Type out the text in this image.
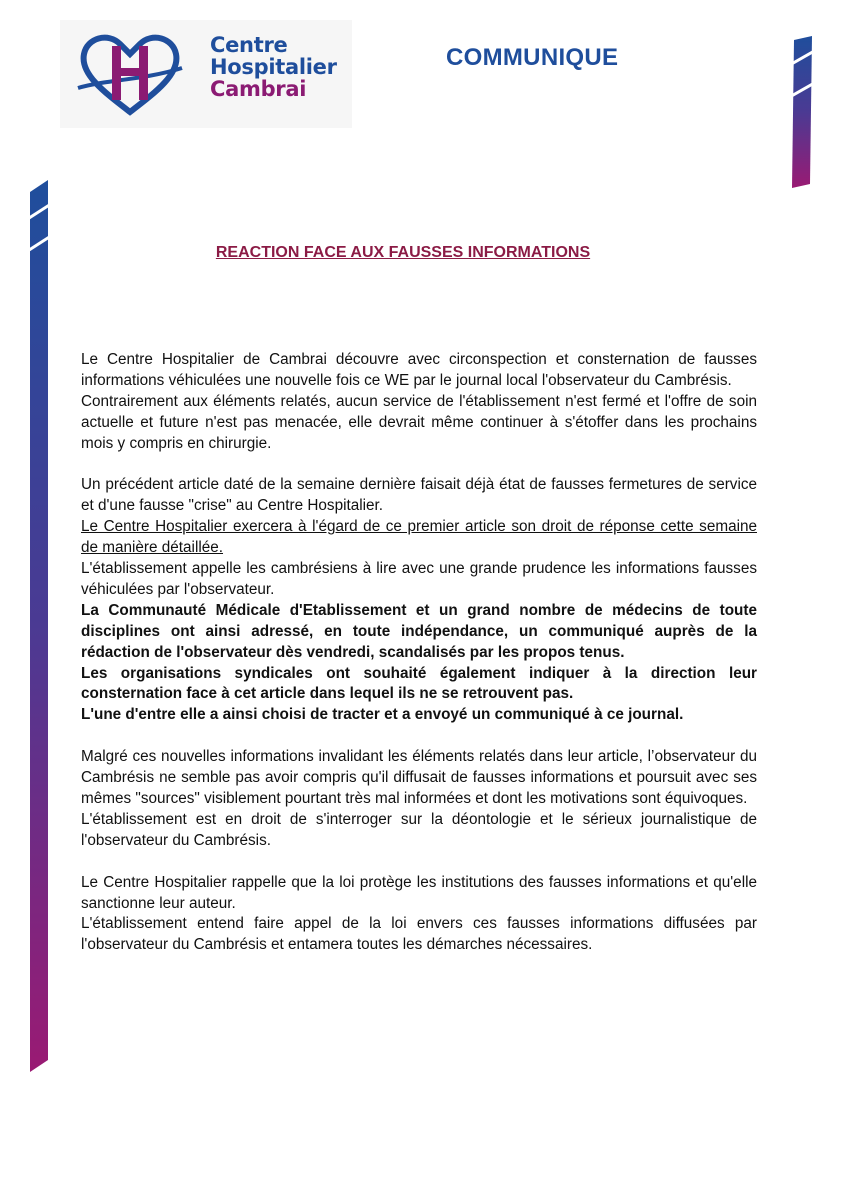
Centre
Hospitalier
Cambrai
COMMUNIQUE
REACTION FACE AUX FAUSSES INFORMATIONS

Le Centre Hospitalier de Cambrai découvre avec circonspection et consternation de fausses informations véhiculées une nouvelle fois ce WE par le journal local l'observateur du Cambrésis.

Contrairement aux éléments relatés, aucun service de l'établissement n'est fermé et l'offre de soin actuelle et future n'est pas menacée, elle devrait même continuer à s'étoffer dans les prochains mois y compris en chirurgie.

Un précédent article daté de la semaine dernière faisait déjà état de fausses fermetures de service et d'une fausse "crise" au Centre Hospitalier.

Le Centre Hospitalier exercera à l'égard de ce premier article son droit de réponse cette semaine de manière détaillée.

L'établissement appelle les cambrésiens à lire avec une grande prudence les informations fausses véhiculées par l'observateur.

La Communauté Médicale d'Etablissement et un grand nombre de médecins de toute disciplines ont ainsi adressé, en toute indépendance, un communiqué auprès de la rédaction de l'observateur dès vendredi, scandalisés par les propos tenus.

Les organisations syndicales ont souhaité également indiquer à la direction leur consternation face à cet article dans lequel ils ne se retrouvent pas.

L'une d'entre elle a ainsi choisi de tracter et a envoyé un communiqué à ce journal.

Malgré ces nouvelles informations invalidant les éléments relatés dans leur article, l’observateur du Cambrésis ne semble pas avoir compris qu'il diffusait de fausses informations et poursuit avec ses mêmes "sources" visiblement pourtant très mal informées et dont les motivations sont équivoques.

L'établissement est en droit de s'interroger sur la déontologie et le sérieux journalistique de l'observateur du Cambrésis.

Le Centre Hospitalier rappelle que la loi protège les institutions des fausses informations et qu'elle sanctionne leur auteur.

L'établissement entend faire appel de la loi envers ces fausses informations diffusées par l'observateur du Cambrésis et entamera toutes les démarches nécessaires.
